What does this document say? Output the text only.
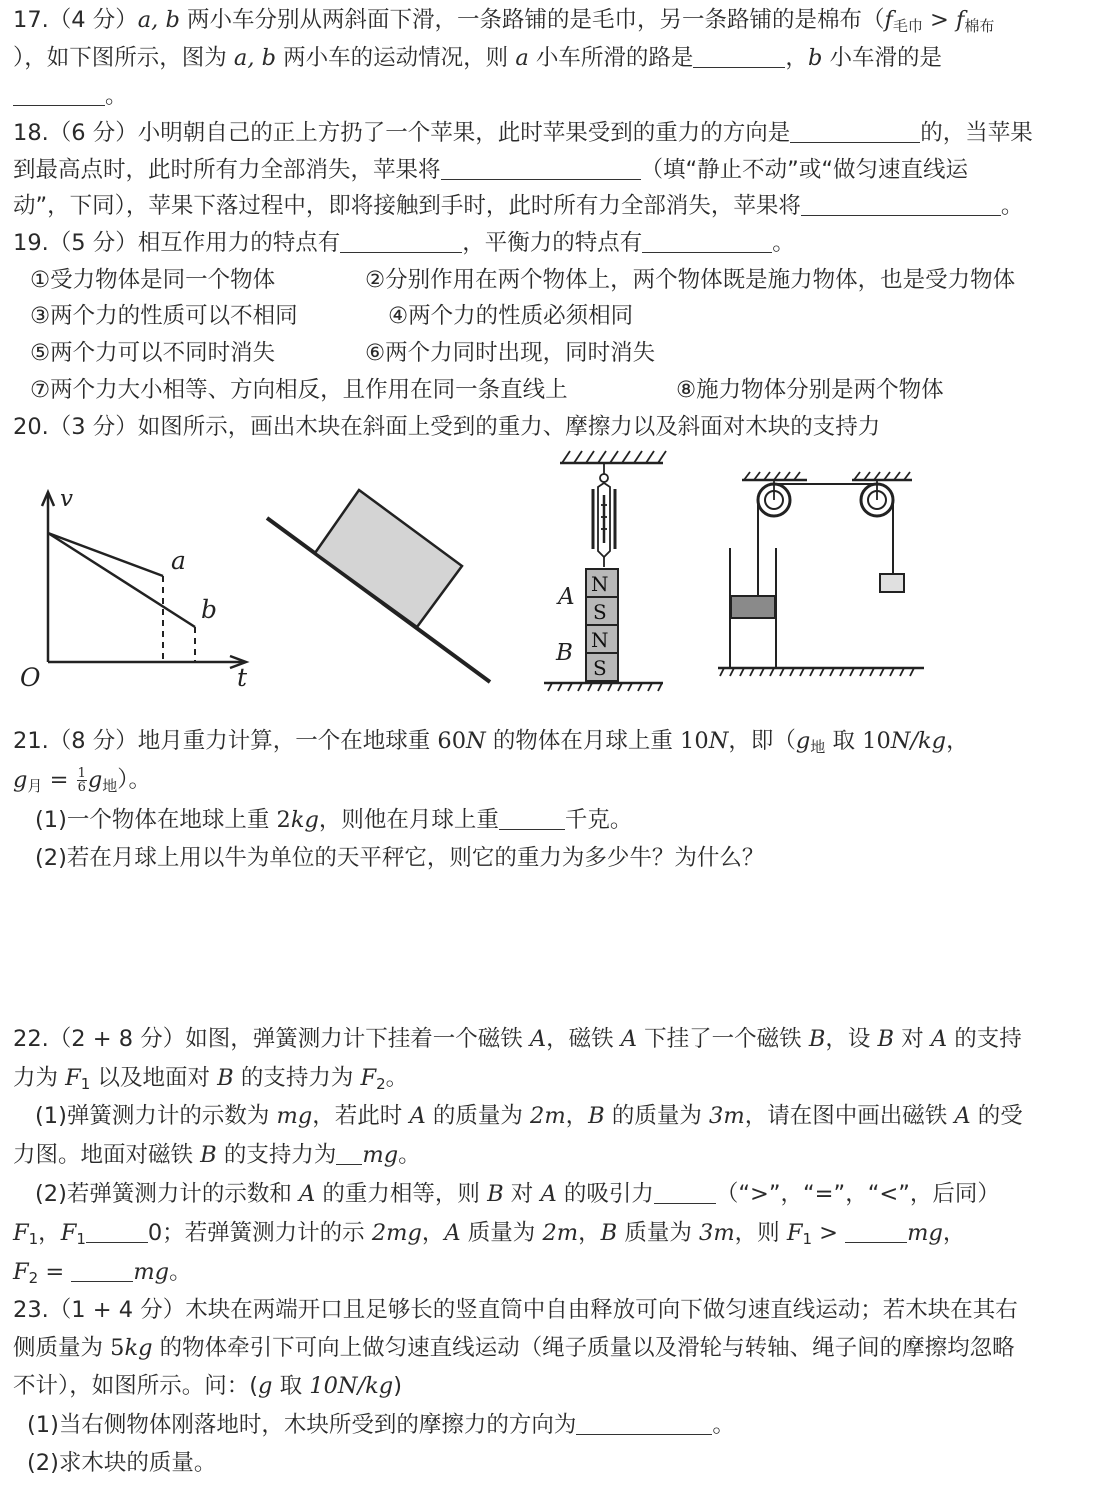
17.（4 分）a, b 两小车分别从两斜面下滑，一条路铺的是毛巾，另一条路铺的是棉布（$f_{毛巾} > f_{棉布}$
），如下图所示，图为 a, b 两小车的运动情况，则 a 小车所滑的路是	，b 小车滑的是
。
18.（6 分）小明朝自己的正上方扔了一个苹果，此时苹果受到的重力的方向是	的，当苹果
到最高点时，此时所有力全部消失，苹果将	（填“静止不动”或“做匀速直线运
动”，下同），苹果下落过程中，即将接触到手时，此时所有力全部消失，苹果将	。
19.（5 分）相互作用力的特点有	，平衡力的特点有	。
①受力物体是同一个物体	②分别作用在两个物体上，两个物体既是施力物体，也是受力物体
③两个力的性质可以不相同	④两个力的性质必须相同
⑤两个力可以不同时消失	⑥两个力同时出现，同时消失
⑦两个力大小相等、方向相反，且作用在同一条直线上	⑧施力物体分别是两个物体
20.（3 分）如图所示，画出木块在斜面上受到的重力、摩擦力以及斜面对木块的支持力
v
t
O
a
b
N
S
N
S
A
B
21.（8 分）地月重力计算，一个在地球重 60N 的物体在月球上重 10N，即（$g_地$ 取 10N/kg，
$g_月 = \frac{1}{6} g_地$）。
(1)一个物体在地球上重 2kg，则他在月球上重	千克。
(2)若在月球上用以牛为单位的天平秤它，则它的重力为多少牛？为什么？
22.（2 + 8 分）如图，弹簧测力计下挂着一个磁铁 A，磁铁 A 下挂了一个磁铁 B，设 B 对 A 的支持
力为 $F_1$ 以及地面对 B 的支持力为 $F_2$。
(1)弹簧测力计的示数为 mg，若此时 A 的质量为 2m，B 的质量为 3m，请在图中画出磁铁 A 的受
力图。地面对磁铁 B 的支持力为 mg。
(2)若弹簧测力计的示数和 A 的重力相等，则 B 对 A 的吸引力	（“>”，“=”，“<”，后同）
$F_1$，$F_1$	0；若弹簧测力计的示 2mg，A 质量为 2m，B 质量为 3m，则 $F_1$ >	mg，
$F_2$ =	mg。
23.（1 + 4 分）木块在两端开口且足够长的竖直筒中自由释放可向下做匀速直线运动；若木块在其右
侧质量为 5kg 的物体牵引下可向上做匀速直线运动（绳子质量以及滑轮与转轴、绳子间的摩擦均忽略
不计），如图所示。问：(g 取 10N/kg)
(1)当右侧物体刚落地时，木块所受到的摩擦力的方向为	。
(2)求木块的质量。
